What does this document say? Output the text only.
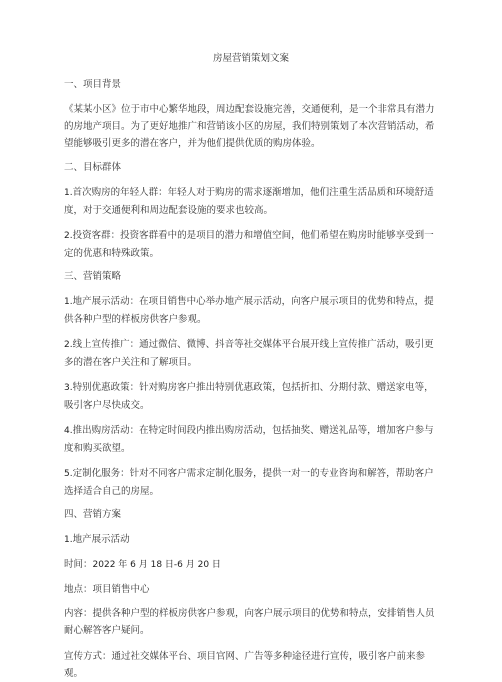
房屋营销策划文案
一、项目背景
《某某小区》位于市中心繁华地段，周边配套设施完善，交通便利，是一个非常具有潜力的房地产项目。为了更好地推广和营销该小区的房屋，我们特别策划了本次营销活动，希望能够吸引更多的潜在客户，并为他们提供优质的购房体验。
二、目标群体
1.首次购房的年轻人群：年轻人对于购房的需求逐渐增加，他们注重生活品质和环境舒适度，对于交通便利和周边配套设施的要求也较高。
2.投资客群：投资客群看中的是项目的潜力和增值空间，他们希望在购房时能够享受到一定的优惠和特殊政策。
三、营销策略
1.地产展示活动：在项目销售中心举办地产展示活动，向客户展示项目的优势和特点，提供各种户型的样板房供客户参观。
2.线上宣传推广：通过微信、微博、抖音等社交媒体平台展开线上宣传推广活动，吸引更多的潜在客户关注和了解项目。
3.特别优惠政策：针对购房客户推出特别优惠政策，包括折扣、分期付款、赠送家电等，吸引客户尽快成交。
4.推出购房活动：在特定时间段内推出购房活动，包括抽奖、赠送礼品等，增加客户参与度和购买欲望。
5.定制化服务：针对不同客户需求定制化服务，提供一对一的专业咨询和解答，帮助客户选择适合自己的房屋。
四、营销方案
1.地产展示活动
时间：2022 年 6 月 18 日-6 月 20 日
地点：项目销售中心
内容：提供各种户型的样板房供客户参观，向客户展示项目的优势和特点，安排销售人员耐心解答客户疑问。
宣传方式：通过社交媒体平台、项目官网、广告等多种途径进行宣传，吸引客户前来参观。
